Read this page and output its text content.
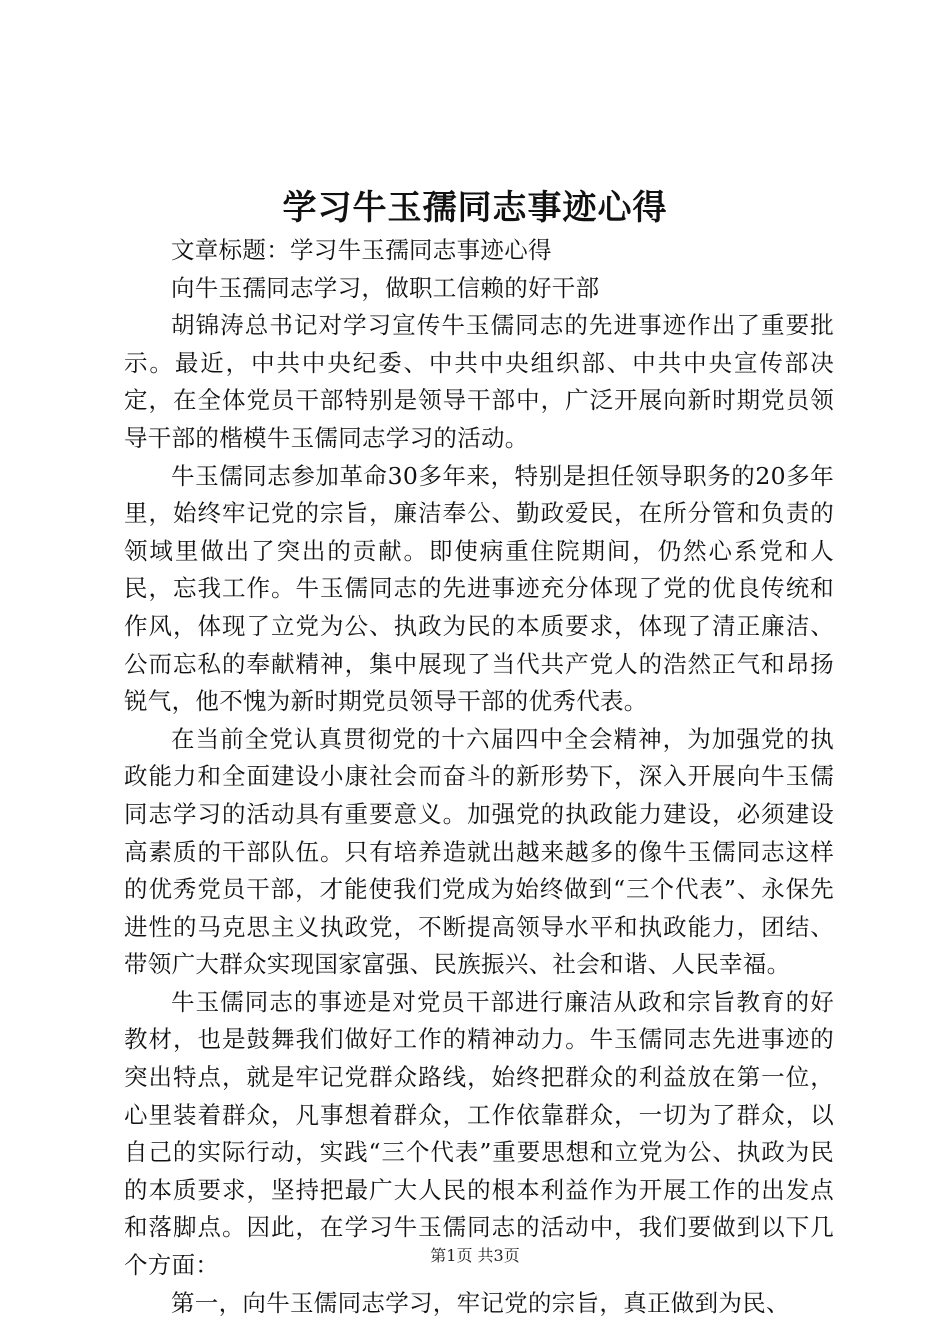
学习牛玉孺同志事迹心得

文章标题：学习牛玉孺同志事迹心得

向牛玉孺同志学习，做职工信赖的好干部

胡锦涛总书记对学习宣传牛玉儒同志的先进事迹作出了重要批示。最近，中共中央纪委、中共中央组织部、中共中央宣传部决定，在全体党员干部特别是领导干部中，广泛开展向新时期党员领导干部的楷模牛玉儒同志学习的活动。

牛玉儒同志参加革命30多年来，特别是担任领导职务的20多年里，始终牢记党的宗旨，廉洁奉公、勤政爱民，在所分管和负责的领域里做出了突出的贡献。即使病重住院期间，仍然心系党和人民，忘我工作。牛玉儒同志的先进事迹充分体现了党的优良传统和作风，体现了立党为公、执政为民的本质要求，体现了清正廉洁、公而忘私的奉献精神，集中展现了当代共产党人的浩然正气和昂扬锐气，他不愧为新时期党员领导干部的优秀代表。

在当前全党认真贯彻党的十六届四中全会精神，为加强党的执政能力和全面建设小康社会而奋斗的新形势下，深入开展向牛玉儒同志学习的活动具有重要意义。加强党的执政能力建设，必须建设高素质的干部队伍。只有培养造就出越来越多的像牛玉儒同志这样的优秀党员干部，才能使我们党成为始终做到“三个代表”、永保先进性的马克思主义执政党，不断提高领导水平和执政能力，团结、带领广大群众实现国家富强、民族振兴、社会和谐、人民幸福。

牛玉儒同志的事迹是对党员干部进行廉洁从政和宗旨教育的好教材，也是鼓舞我们做好工作的精神动力。牛玉儒同志先进事迹的突出特点，就是牢记党群众路线，始终把群众的利益放在第一位，心里装着群众，凡事想着群众，工作依靠群众，一切为了群众，以自己的实际行动，实践“三个代表”重要思想和立党为公、执政为民的本质要求，坚持把最广大人民的根本利益作为开展工作的出发点和落脚点。因此，在学习牛玉儒同志的活动中，我们要做到以下几个方面：

第一，向牛玉儒同志学习，牢记党的宗旨，真正做到为民、

第1页 共3页
